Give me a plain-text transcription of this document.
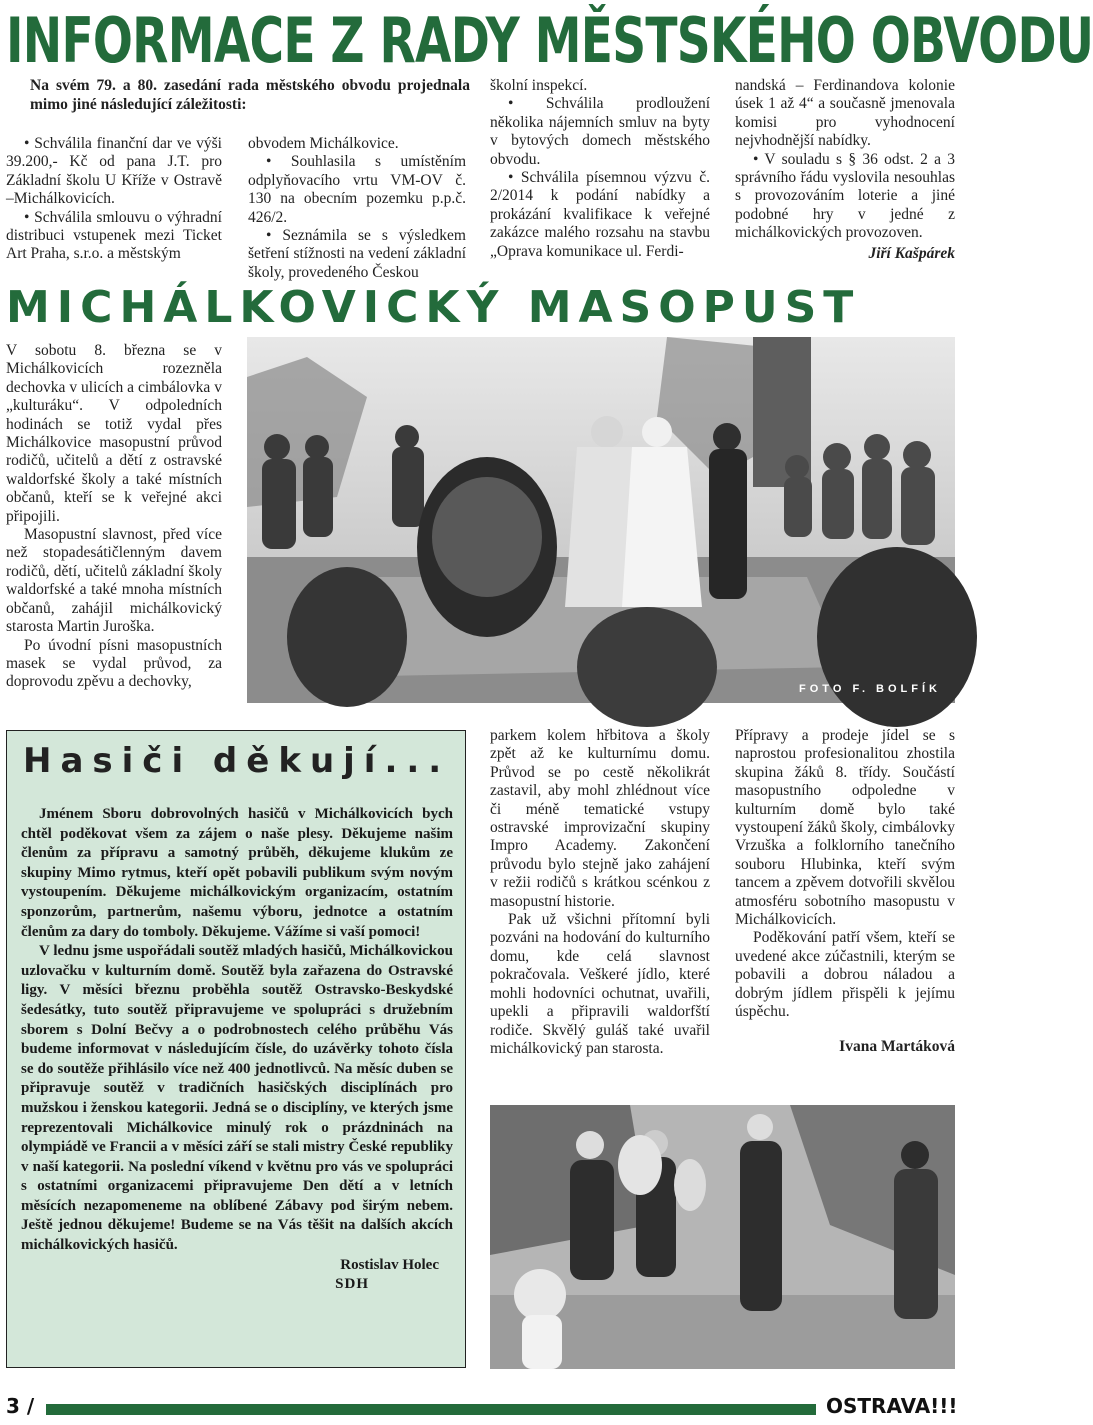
INFORMACE Z RADY MĚSTSKÉHO OBVODU
Na svém 79. a 80. zasedání rada městského obvodu projednala mimo jiné následující záležitosti:

• Schválila finanční dar ve výši 39.200,- Kč od pana J.T. pro Základní školu U Kříže v Ostravě –Michálkovicích.

• Schválila smlouvu o výhradní distribuci vstupenek mezi Ticket Art Praha, s.r.o. a městským

obvodem Michálkovice.

• Souhlasila s umístěním odplyňovacího vrtu VM-OV č. 130 na obecním pozemku p.p.č. 426/2.

• Seznámila se s výsledkem šetření stížnosti na vedení základní školy, provedeného Českou

školní inspekcí.

• Schválila prodloužení několika nájemních smluv na byty v bytových domech městského obvodu.

• Schválila písemnou výzvu č. 2/2014 k podání nabídky a prokázání kvalifikace k veřejné zakázce malého rozsahu na stavbu „Oprava komunikace ul. Ferdi-

nandská – Ferdinandova kolonie úsek 1 až 4“ a současně jmenovala komisi pro vyhodnocení nejvhodnější nabídky.

• V souladu s § 36 odst. 2 a 3 správního řádu vyslovila nesouhlas s provozováním loterie a jiné podobné hry v jedné z michálkovických provozoven.

Jiří Kašpárek
MICHÁLKOVICKÝ MASOPUST

V sobotu 8. března se v Michálkovicích rozezněla dechovka v ulicích a cimbálovka v „kulturáku“. V odpoledních hodinách se totiž vydal přes Michálkovice masopustní průvod rodičů, učitelů a dětí z ostravské waldorfské školy a také místních občanů, kteří se k veřejné akci připojili.

Masopustní slavnost, před více než stopadesátičlenným davem rodičů, dětí, učitelů základní školy waldorfské a také mnoha místních občanů, zahájil michálkovický starosta Martin Juroška.

Po úvodní písni masopustních masek se vydal průvod, za doprovodu zpěvu a dechovky,	FOTO F. BOLFÍK
Hasiči děkují...

Jménem Sboru dobrovolných hasičů v Michálkovicích bych chtěl poděkovat všem za zájem o naše plesy. Děkujeme našim členům za přípravu a samotný průběh, děkujeme klukům ze skupiny Mimo rytmus, kteří opět pobavili publikum svým novým vystoupením. Děkujeme michálkovickým organizacím, ostatním sponzorům, partnerům, našemu výboru, jednotce a ostatním členům za dary do tomboly. Děkujeme. Vážíme si vaší pomoci!

V lednu jsme uspořádali soutěž mladých hasičů, Michálkovickou uzlovačku v kulturním domě. Soutěž byla zařazena do Ostravské ligy. V měsíci březnu proběhla soutěž Ostravsko-Beskydské šedesátky, tuto soutěž připravujeme ve spolupráci s družebním sborem s Dolní Bečvy a o podrobnostech celého průběhu Vás budeme informovat v následujícím čísle, do uzávěrky tohoto čísla se do soutěže přihlásilo více než 400 jednotlivců. Na měsíc duben se připravuje soutěž v tradičních hasičských disciplínách pro mužskou i ženskou kategorii. Jedná se o disciplíny, ve kterých jsme reprezentovali Michálkovice minulý rok o prázdninách na olympiádě ve Francii a v měsíci září se stali mistry České republiky v naší kategorii. Na poslední víkend v květnu pro vás ve spolupráci s ostatními organizacemi připravujeme Den dětí a v letních měsících nezapomeneme na oblíbené Zábavy pod širým nebem. Ještě jednou děkujeme! Budeme se na Vás těšit na dalších akcích michálkovických hasičů.

Rostislav Holec
SDH

parkem kolem hřbitova a školy zpět až ke kulturnímu domu. Průvod se po cestě několikrát zastavil, aby mohl zhlédnout více či méně tematické vstupy ostravské improvizační skupiny Impro Academy. Zakončení průvodu bylo stejně jako zahájení v režii rodičů s krátkou scénkou z masopustní historie.

Pak už všichni přítomní byli pozváni na hodování do kulturního domu, kde celá slavnost pokračovala. Veškeré jídlo, které mohli hodovníci ochutnat, uvařili, upekli a připravili waldorfští rodiče. Skvělý guláš také uvařil michálkovický pan starosta.

Přípravy a prodeje jídel se s naprostou profesionalitou zhostila skupina žáků 8. třídy. Součástí masopustního odpoledne v kulturním domě bylo také vystoupení žáků školy, cimbálovky Vrzuška a folklorního tanečního souboru Hlubinka, kteří svým tancem a zpěvem dotvořili skvělou atmosféru sobotního masopustu v Michálkovicích.

Poděkování patří všem, kteří se uvedené akce zúčastnili, kterým se pobavili a dobrou náladou a dobrým jídlem přispěli k jejímu úspěchu.

Ivana Martáková
3 /	OSTRAVA!!!
